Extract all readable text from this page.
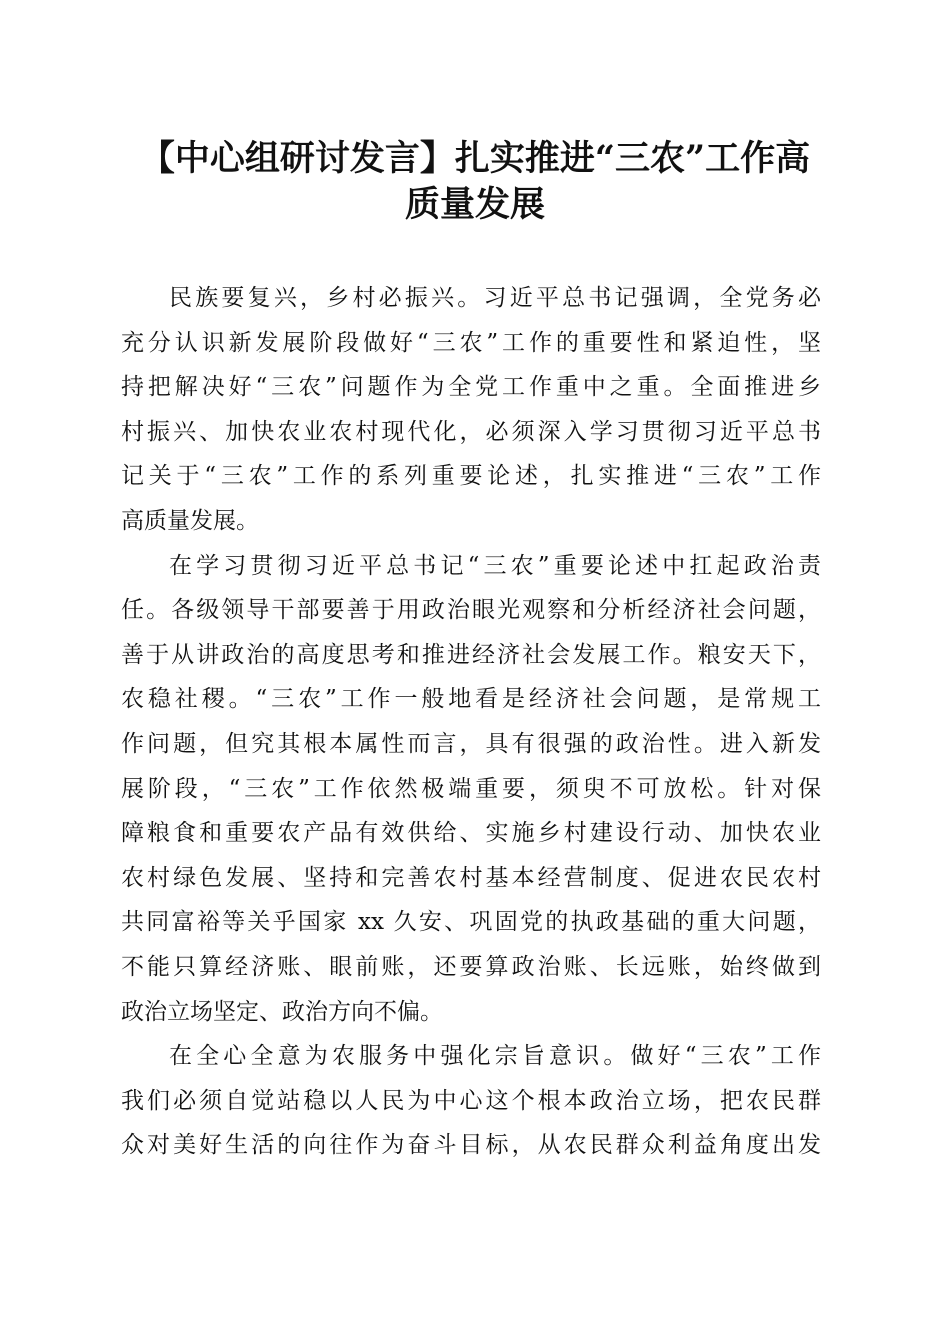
【中心组研讨发言】扎实推进“三农”工作高
质量发展
民族要复兴，乡村必振兴。习近平总书记强调，全党务必
充分认识新发展阶段做好“三农”工作的重要性和紧迫性，坚
持把解决好“三农”问题作为全党工作重中之重。全面推进乡
村振兴、加快农业农村现代化，必须深入学习贯彻习近平总书
记关于“三农”工作的系列重要论述，扎实推进“三农”工作
高质量发展。
在学习贯彻习近平总书记“三农”重要论述中扛起政治责
任。各级领导干部要善于用政治眼光观察和分析经济社会问题，
善于从讲政治的高度思考和推进经济社会发展工作。粮安天下，
农稳社稷。“三农”工作一般地看是经济社会问题，是常规工
作问题，但究其根本属性而言，具有很强的政治性。进入新发
展阶段，“三农”工作依然极端重要，须臾不可放松。针对保
障粮食和重要农产品有效供给、实施乡村建设行动、加快农业
农村绿色发展、坚持和完善农村基本经营制度、促进农民农村
共同富裕等关乎国家 xx 久安、巩固党的执政基础的重大问题，
不能只算经济账、眼前账，还要算政治账、长远账，始终做到
政治立场坚定、政治方向不偏。
在全心全意为农服务中强化宗旨意识。做好“三农”工作
我们必须自觉站稳以人民为中心这个根本政治立场，把农民群
众对美好生活的向往作为奋斗目标，从农民群众利益角度出发
